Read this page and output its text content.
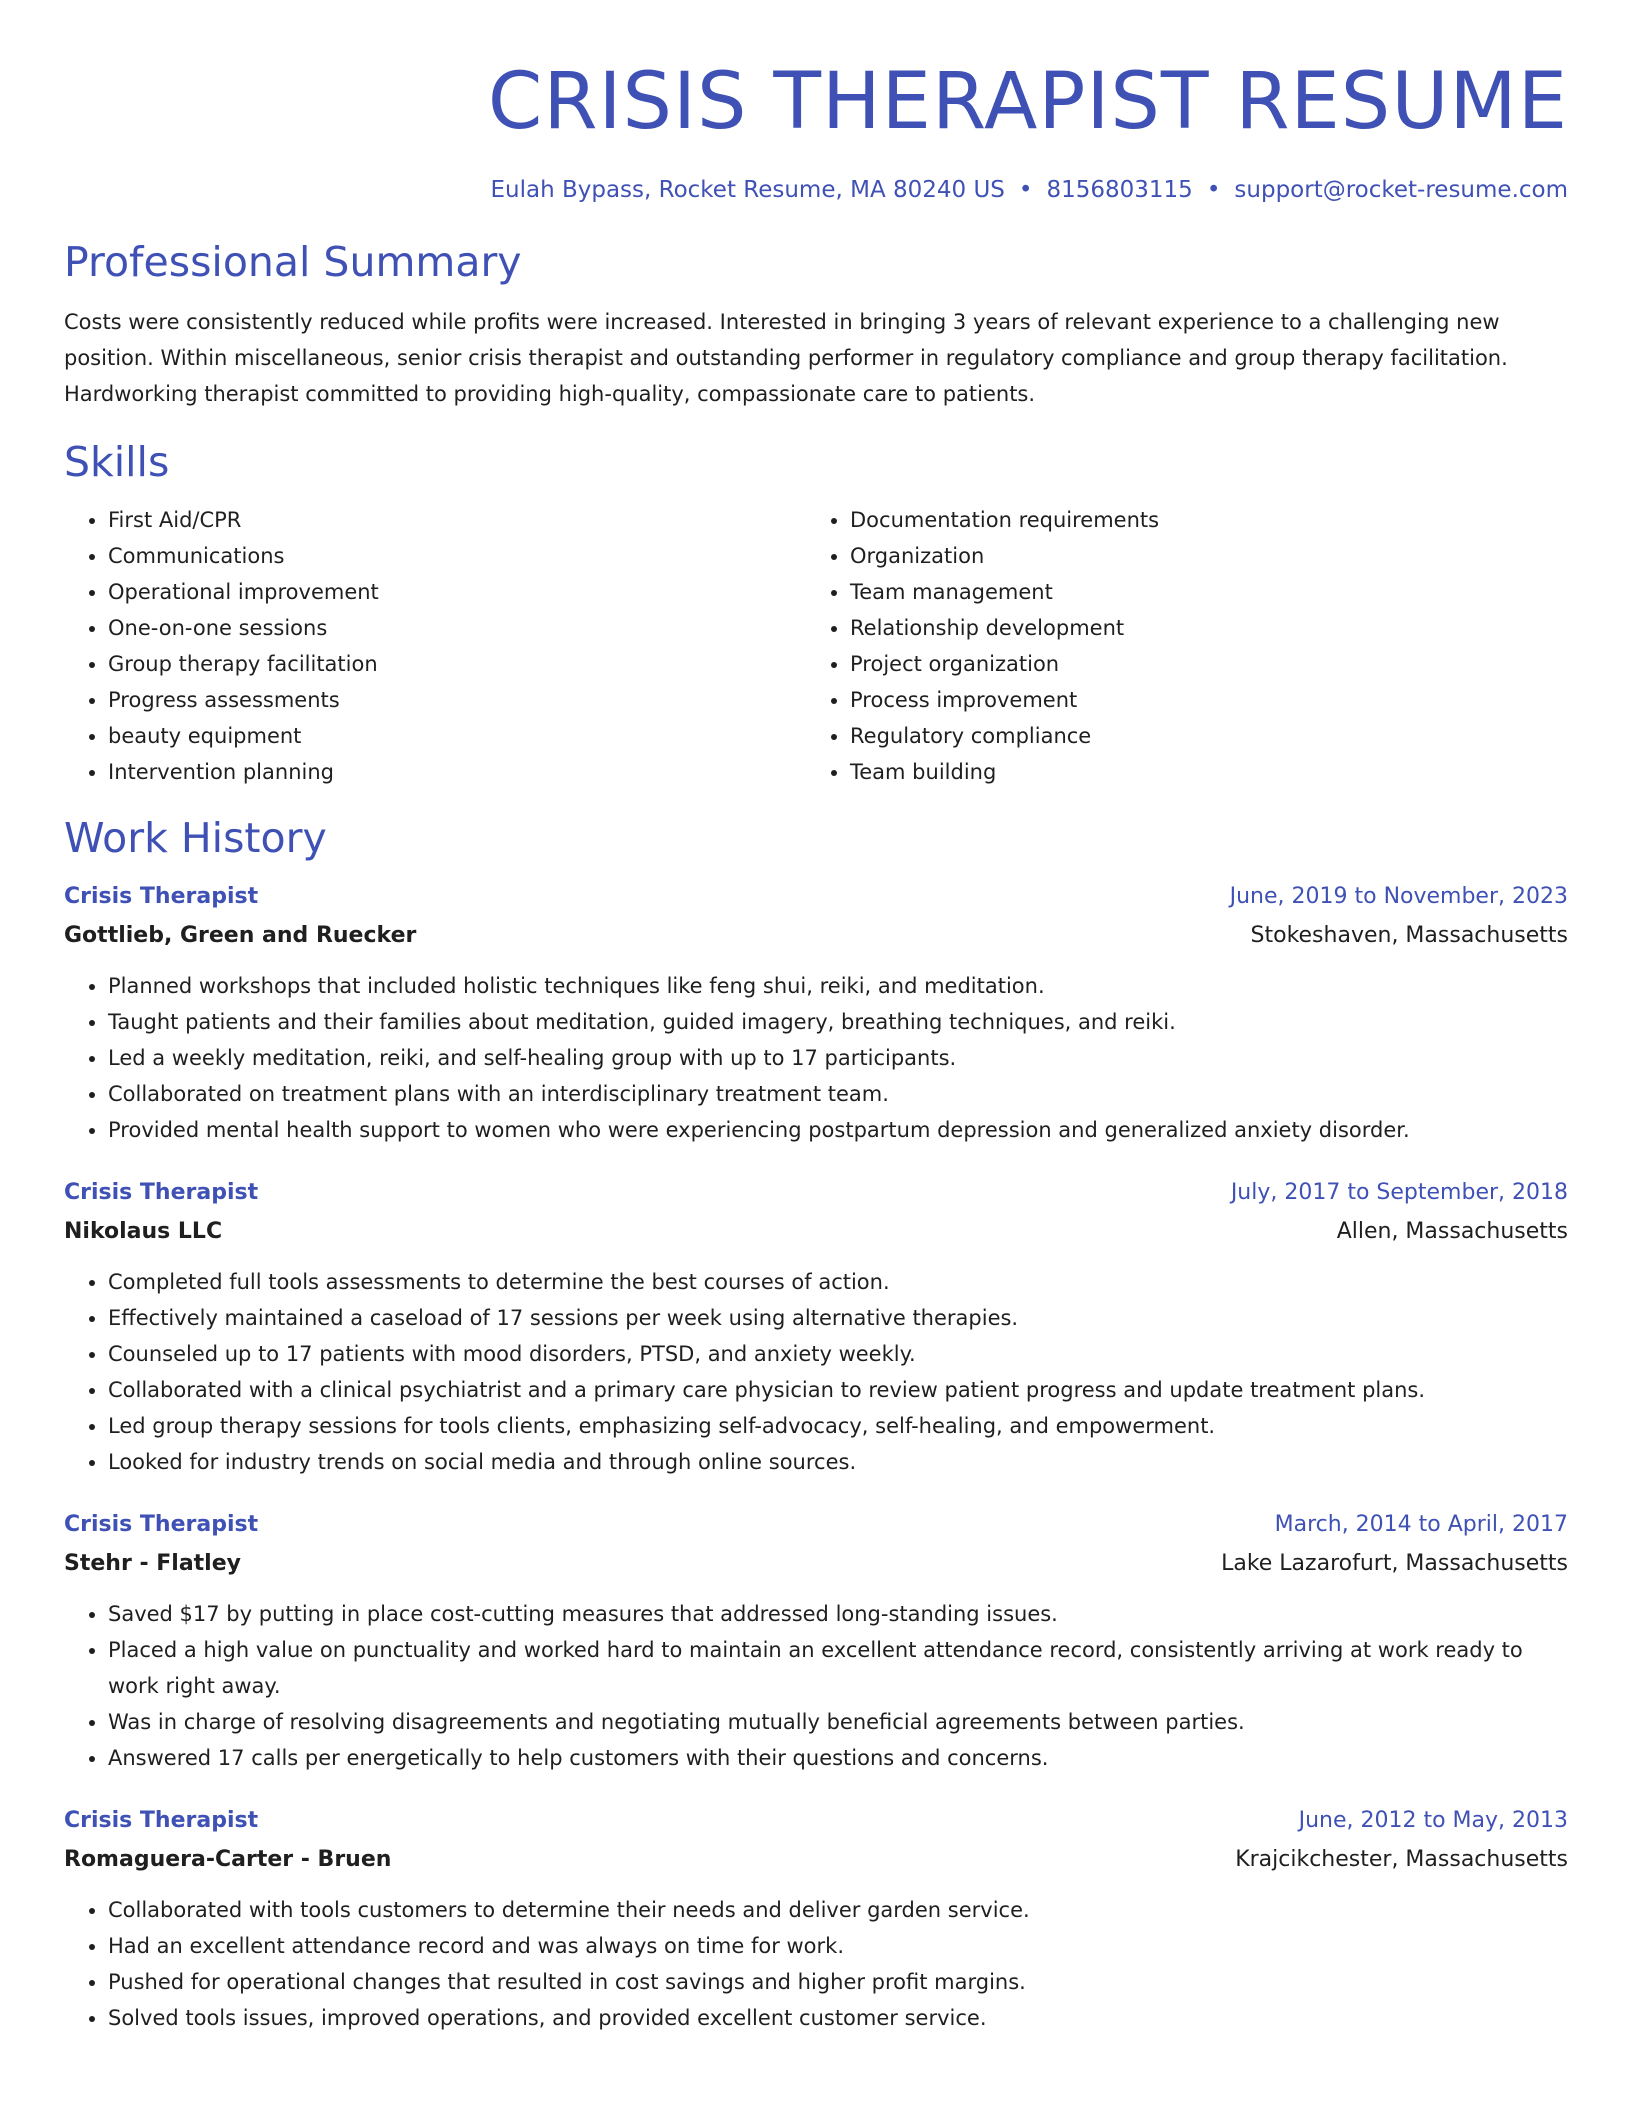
CRISIS THERAPIST RESUME
Eulah Bypass, Rocket Resume, MA 80240 US • 8156803115 • support@rocket-resume.com
Professional Summary

Costs were consistently reduced while profits were increased. Interested in bringing 3 years of relevant experience to a challenging new position. Within miscellaneous, senior crisis therapist and outstanding performer in regulatory compliance and group therapy facilitation. Hardworking therapist committed to providing high-quality, compassionate care to patients.

Skills
• First Aid/CPR
• Communications
• Operational improvement
• One-on-one sessions
• Group therapy facilitation
• Progress assessments
• beauty equipment
• Intervention planning
• Documentation requirements
• Organization
• Team management
• Relationship development
• Project organization
• Process improvement
• Regulatory compliance
• Team building
Work History
Crisis Therapist	June, 2019 to November, 2023
Gottlieb, Green and Ruecker	Stokeshaven, Massachusetts
• Planned workshops that included holistic techniques like feng shui, reiki, and meditation.
• Taught patients and their families about meditation, guided imagery, breathing techniques, and reiki.
• Led a weekly meditation, reiki, and self-healing group with up to 17 participants.
• Collaborated on treatment plans with an interdisciplinary treatment team.
• Provided mental health support to women who were experiencing postpartum depression and generalized anxiety disorder.
Crisis Therapist	July, 2017 to September, 2018
Nikolaus LLC	Allen, Massachusetts
• Completed full tools assessments to determine the best courses of action.
• Effectively maintained a caseload of 17 sessions per week using alternative therapies.
• Counseled up to 17 patients with mood disorders, PTSD, and anxiety weekly.
• Collaborated with a clinical psychiatrist and a primary care physician to review patient progress and update treatment plans.
• Led group therapy sessions for tools clients, emphasizing self-advocacy, self-healing, and empowerment.
• Looked for industry trends on social media and through online sources.
Crisis Therapist	March, 2014 to April, 2017
Stehr - Flatley	Lake Lazarofurt, Massachusetts
• Saved $17 by putting in place cost-cutting measures that addressed long-standing issues.
• Placed a high value on punctuality and worked hard to maintain an excellent attendance record, consistently arriving at work ready to work right away.
• Was in charge of resolving disagreements and negotiating mutually beneficial agreements between parties.
• Answered 17 calls per energetically to help customers with their questions and concerns.
Crisis Therapist	June, 2012 to May, 2013
Romaguera-Carter - Bruen	Krajcikchester, Massachusetts
• Collaborated with tools customers to determine their needs and deliver garden service.
• Had an excellent attendance record and was always on time for work.
• Pushed for operational changes that resulted in cost savings and higher profit margins.
• Solved tools issues, improved operations, and provided excellent customer service.
